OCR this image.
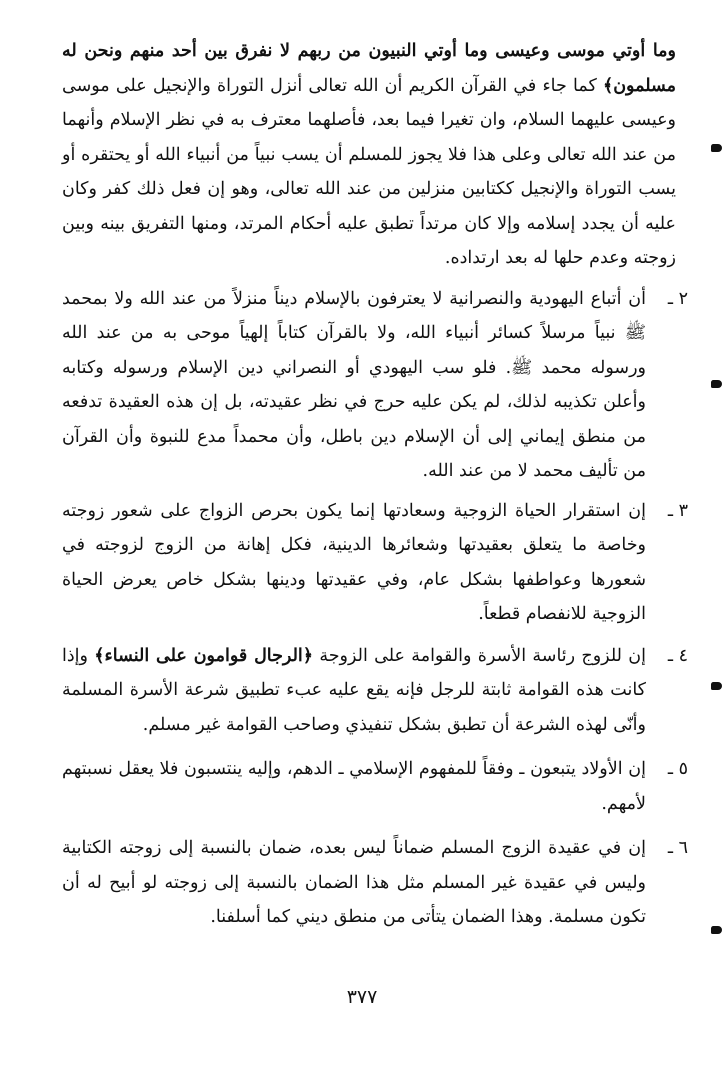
وما أوتي موسى وعيسى وما أوتي النبيون من ربهم لا نفرق بين أحد منهم ونحن له مسلمون﴾ كما جاء في القرآن الكريم أن الله تعالى أنزل التوراة والإنجيل على موسى وعيسى عليهما السلام، وان تغيرا فيما بعد، فأصلهما معترف به في نظر الإسلام وأنهما من عند الله تعالى وعلى هذا فلا يجوز للمسلم أن يسب نبياً من أنبياء الله أو يحتقره أو يسب التوراة والإنجيل ككتابين منزلين من عند الله تعالى، وهو إن فعل ذلك كفر وكان عليه أن يجدد إسلامه وإلا كان مرتداً تطبق عليه أحكام المرتد، ومنها التفريق بينه وبين زوجته وعدم حلها له بعد ارتداده.

٢ ـ

أن أتباع اليهودية والنصرانية لا يعترفون بالإسلام ديناً منزلاً من عند الله ولا بمحمد ﷺ نبياً مرسلاً كسائر أنبياء الله، ولا بالقرآن كتاباً إلهياً موحى به من عند الله ورسوله محمد ﷺ. فلو سب اليهودي أو النصراني دين الإسلام ورسوله وكتابه وأعلن تكذيبه لذلك، لم يكن عليه حرج في نظر عقيدته، بل إن هذه العقيدة تدفعه من منطق إيماني إلى أن الإسلام دين باطل، وأن محمداً مدع للنبوة وأن القرآن من تأليف محمد لا من عند الله.

٣ ـ

إن استقرار الحياة الزوجية وسعادتها إنما يكون بحرص الزواج على شعور زوجته وخاصة ما يتعلق بعقيدتها وشعائرها الدينية، فكل إهانة من الزوج لزوجته في شعورها وعواطفها بشكل عام، وفي عقيدتها ودينها بشكل خاص يعرض الحياة الزوجية للانفصام قطعاً.

٤ ـ

إن للزوج رئاسة الأسرة والقوامة على الزوجة ﴿الرجال قوامون على النساء﴾ وإذا كانت هذه القوامة ثابتة للرجل فإنه يقع عليه عبء تطبيق شرعة الأسرة المسلمة وأنّى لهذه الشرعة أن تطبق بشكل تنفيذي وصاحب القوامة غير مسلم.

٥ ـ

إن الأولاد يتبعون ـ وفقاً للمفهوم الإسلامي ـ الدهم، وإليه ينتسبون فلا يعقل نسبتهم لأمهم.

٦ ـ

إن في عقيدة الزوج المسلم ضماناً ليس بعده، ضمان بالنسبة إلى زوجته الكتابية وليس في عقيدة غير المسلم مثل هذا الضمان بالنسبة إلى زوجته لو أبيح له أن تكون مسلمة. وهذا الضمان يتأتى من منطق ديني كما أسلفنا.

٣٧٧
